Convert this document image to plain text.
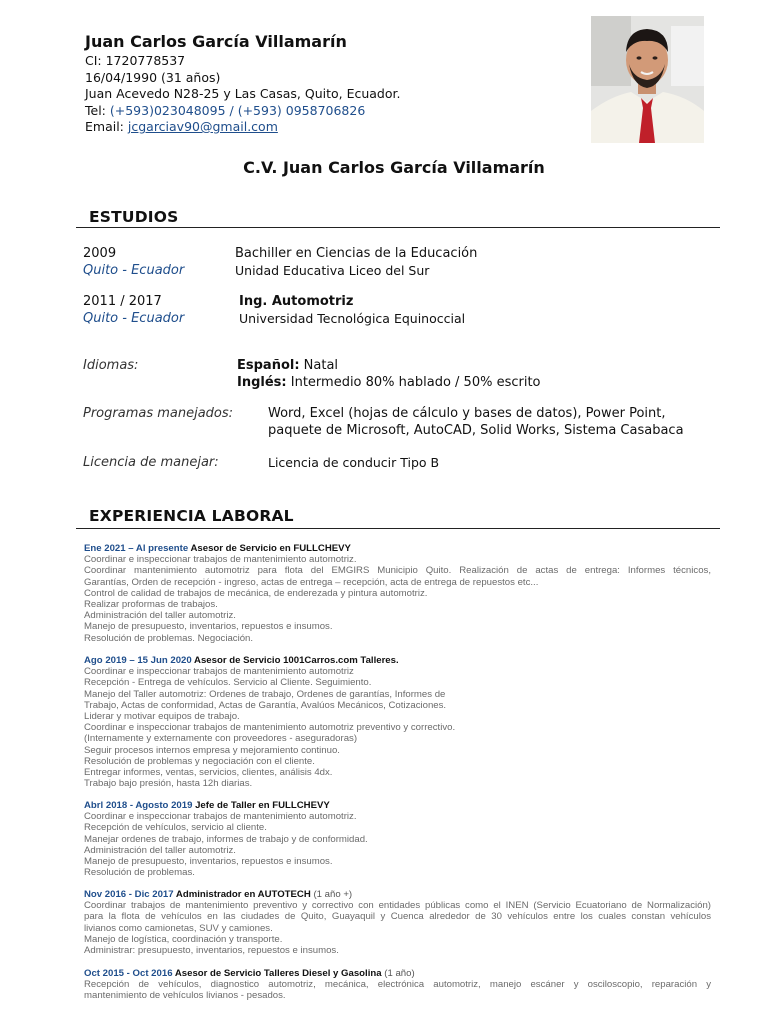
Juan Carlos García Villamarín
CI: 1720778537
16/04/1990 (31 años)
Juan Acevedo N28-25 y Las Casas, Quito, Ecuador.
Tel: (+593)023048095 / (+593) 0958706826
Email: jcgarciav90@gmail.com
C.V. Juan Carlos García Villamarín
ESTUDIOS
2009	Bachiller en Ciencias de la Educación
Quito - Ecuador	Unidad Educativa Liceo del Sur
2011 / 2017	Ing. Automotriz
Quito - Ecuador	Universidad Tecnológica Equinoccial
Idiomas:	Español: Natal
Inglés: Intermedio 80% hablado / 50% escrito
Programas manejados:	Word, Excel (hojas de cálculo y bases de datos), Power Point,
paquete de Microsoft, AutoCAD, Solid Works, Sistema Casabaca
Licencia de manejar:	Licencia de conducir Tipo B
EXPERIENCIA LABORAL
Ene 2021 – Al presente Asesor de Servicio en FULLCHEVY
Coordinar e inspeccionar trabajos de mantenimiento automotriz.
Coordinar mantenimiento automotriz para flota del EMGIRS Municipio Quito. Realización de actas de entrega: Informes técnicos,
Garantías, Orden de recepción - ingreso, actas de entrega – recepción, acta de entrega de repuestos etc...
Control de calidad de trabajos de mecánica, de enderezada y pintura automotriz.
Realizar proformas de trabajos.
Administración del taller automotriz.
Manejo de presupuesto, inventarios, repuestos e insumos.
Resolución de problemas. Negociación.
Ago 2019 – 15 Jun 2020 Asesor de Servicio 1001Carros.com Talleres.
Coordinar e inspeccionar trabajos de mantenimiento automotriz
Recepción - Entrega de vehículos. Servicio al Cliente. Seguimiento.
Manejo del Taller automotriz: Ordenes de trabajo, Ordenes de garantías, Informes de
Trabajo, Actas de conformidad, Actas de Garantía, Avalúos Mecánicos, Cotizaciones.
Liderar y motivar equipos de trabajo.
Coordinar e inspeccionar trabajos de mantenimiento automotriz preventivo y correctivo.
(Internamente y externamente con proveedores - aseguradoras)
Seguir procesos internos empresa y mejoramiento continuo.
Resolución de problemas y negociación con el cliente.
Entregar informes, ventas, servicios, clientes, análisis 4dx.
Trabajo bajo presión, hasta 12h diarias.
Abrl 2018 - Agosto 2019 Jefe de Taller en FULLCHEVY
Coordinar e inspeccionar trabajos de mantenimiento automotriz.
Recepción de vehículos, servicio al cliente.
Manejar ordenes de trabajo, informes de trabajo y de conformidad.
Administración del taller automotriz.
Manejo de presupuesto, inventarios, repuestos e insumos.
Resolución de problemas.
Nov 2016 - Dic 2017 Administrador en AUTOTECH (1 año +)
Coordinar trabajos de mantenimiento preventivo y correctivo con entidades públicas como el INEN (Servicio Ecuatoriano de Normalización)
para la flota de vehículos en las ciudades de Quito, Guayaquil y Cuenca alrededor de 30 vehículos entre los cuales constan vehículos
livianos como camionetas, SUV y camiones.
Manejo de logística, coordinación y transporte.
Administrar: presupuesto, inventarios, repuestos e insumos.
Oct 2015 - Oct 2016 Asesor de Servicio Talleres Diesel y Gasolina (1 año)
Recepción de vehículos, diagnostico automotriz, mecánica, electrónica automotriz, manejo escáner y osciloscopio, reparación y
mantenimiento de vehículos livianos - pesados.
